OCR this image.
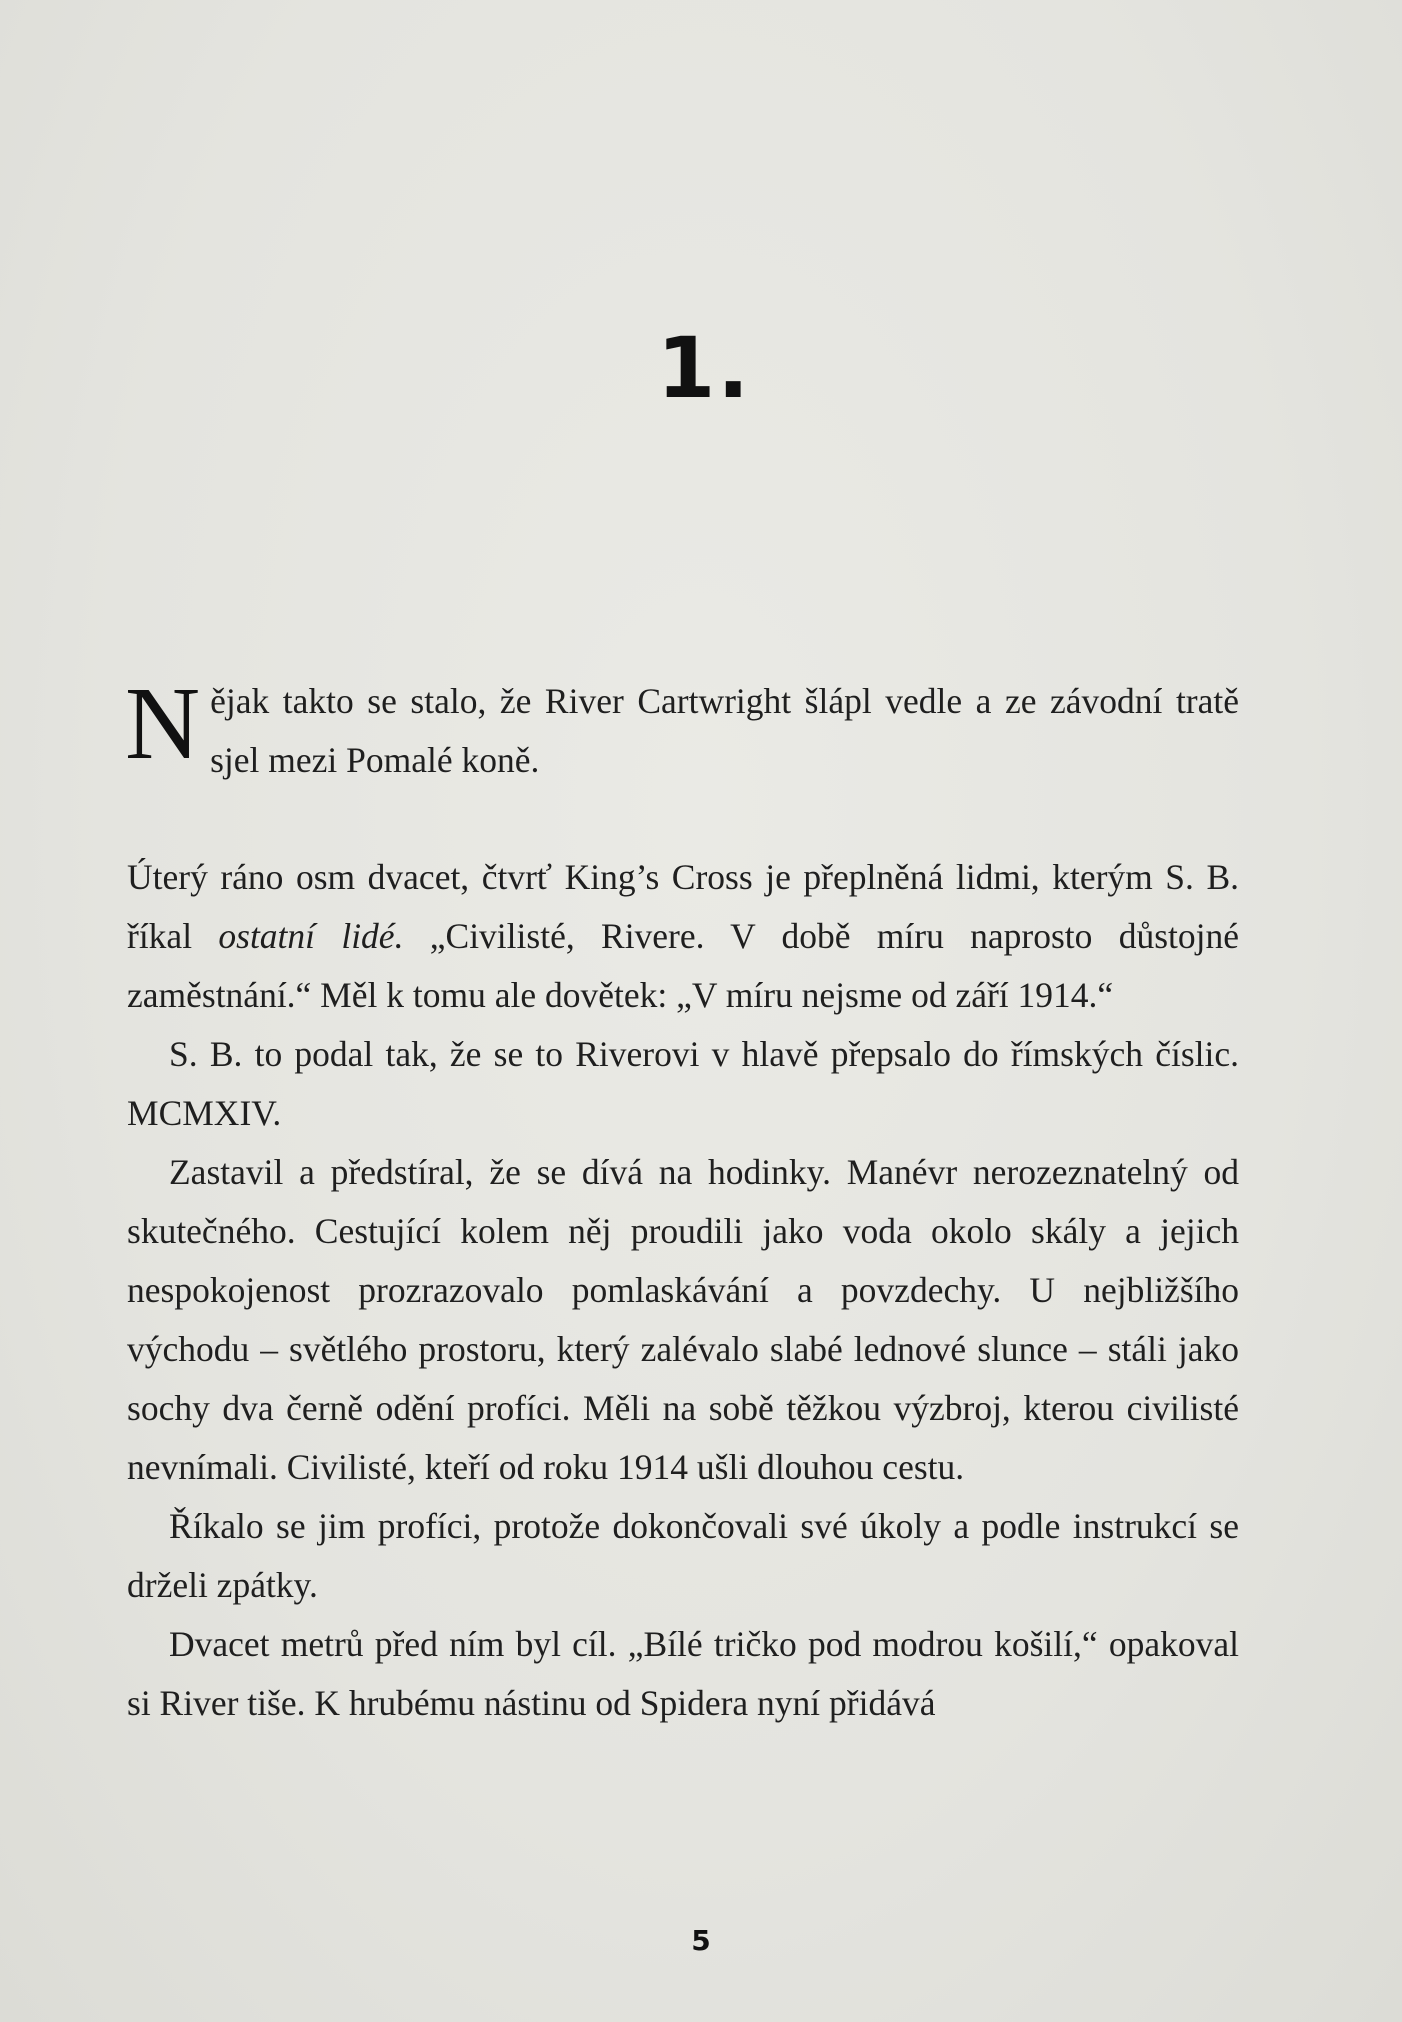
1.

Nějak takto se stalo, že River Cartwright šlápl vedle a ze závodní tratě sjel mezi Pomalé koně.

Úterý ráno osm dvacet, čtvrť King’s Cross je přeplněná lidmi, kterým S. B. říkal ostatní lidé. „Civilisté, Rivere. V době míru naprosto důstojné zaměstnání.“ Měl k tomu ale dovětek: „V míru nejsme od září 1914.“

S. B. to podal tak, že se to Riverovi v hlavě přepsalo do římských číslic. MCMXIV.

Zastavil a předstíral, že se dívá na hodinky. Manévr nerozeznatelný od skutečného. Cestující kolem něj proudili jako voda okolo skály a jejich nespokojenost prozrazovalo pomlaskávání a povzdechy. U nejbližšího východu – světlého prostoru, který zalévalo slabé lednové slunce – stáli jako sochy dva černě odění profíci. Měli na sobě těžkou výzbroj, kterou civilisté nevnímali. Civilisté, kteří od roku 1914 ušli dlouhou cestu.

Říkalo se jim profíci, protože dokončovali své úkoly a podle instrukcí se drželi zpátky.

Dvacet metrů před ním byl cíl. „Bílé tričko pod modrou košilí,“ opakoval si River tiše. K hrubému nástinu od Spidera nyní přidává

5
